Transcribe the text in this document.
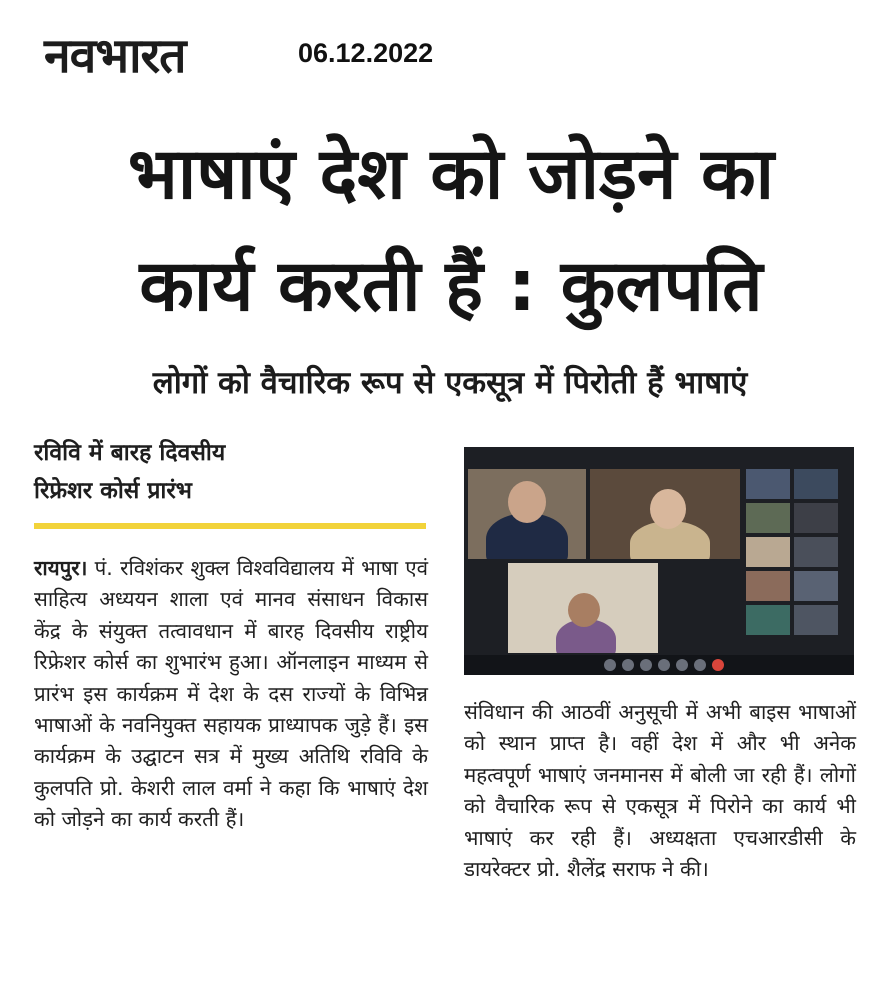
नवभारत	06.12.2022
भाषाएं देश को जोड़ने का
कार्य करती हैं : कुलपति
लोगों को वैचारिक रूप से एकसूत्र में पिरोती हैं भाषाएं
रविवि में बारह दिवसीय
रिफ्रेशर कोर्स प्रारंभ

रायपुर। पं. रविशंकर शुक्ल विश्वविद्यालय में भाषा एवं साहित्य अध्ययन शाला एवं मानव संसाधन विकास केंद्र के संयुक्त तत्वावधान में बारह दिवसीय राष्ट्रीय रिफ्रेशर कोर्स का शुभारंभ हुआ। ऑनलाइन माध्यम से प्रारंभ इस कार्यक्रम में देश के दस राज्यों के विभिन्न भाषाओं के नवनियुक्त सहायक प्राध्यापक जुड़े हैं। इस कार्यक्रम के उद्घाटन सत्र में मुख्य अतिथि रविवि के कुलपति प्रो. केशरी लाल वर्मा ने कहा कि भाषाएं देश को जोड़ने का कार्य करती हैं।

संविधान की आठवीं अनुसूची में अभी बाइस भाषाओं को स्थान प्राप्त है। वहीं देश में और भी अनेक महत्वपूर्ण भाषाएं जनमानस में बोली जा रही हैं। लोगों को वैचारिक रूप से एकसूत्र में पिरोने का कार्य भी भाषाएं कर रही हैं। अध्यक्षता एचआरडीसी के डायरेक्टर प्रो. शैलेंद्र सराफ ने की।
